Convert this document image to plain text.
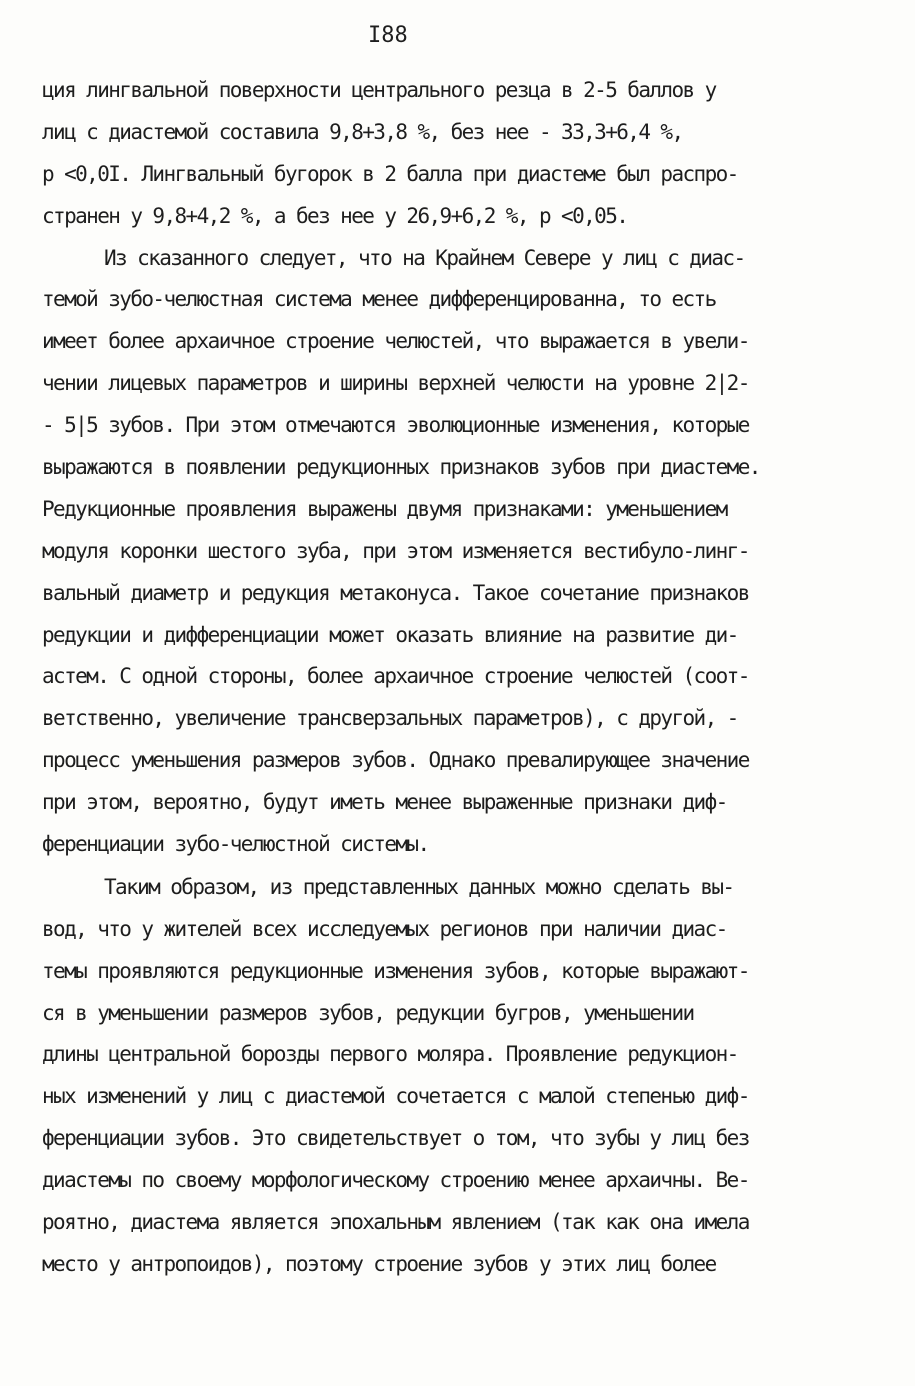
I88
ция лингвальной поверхности центрального резца в 2-5 баллов у
лиц с диастемой составила 9,8+3,8 %, без нее - 33,3+6,4 %,
р <0,0I. Лингвальный бугорок в 2 балла при диастеме был распро-
странен у 9,8+4,2 %, а без нее у 26,9+6,2 %, р <0,05.
Из сказанного следует, что на Крайнем Севере у лиц с диас-
темой зубо-челюстная система менее дифференцированна, то есть
имеет более архаичное строение челюстей, что выражается в увели-
чении лицевых параметров и ширины верхней челюсти на уровне 2|2-
- 5|5 зубов. При этом отмечаются эволюционные изменения, которые
выражаются в появлении редукционных признаков зубов при диастеме.
Редукционные проявления выражены двумя признаками: уменьшением
модуля коронки шестого зуба, при этом изменяется вестибуло-линг-
вальный диаметр и редукция метаконуса. Такое сочетание признаков
редукции и дифференциации может оказать влияние на развитие ди-
астем. С одной стороны, более архаичное строение челюстей (соот-
ветственно, увеличение трансверзальных параметров), с другой, -
процесс уменьшения размеров зубов. Однако превалирующее значение
при этом, вероятно, будут иметь менее выраженные признаки диф-
ференциации зубо-челюстной системы.
Таким образом, из представленных данных можно сделать вы-
вод, что у жителей всех исследуемых регионов при наличии диас-
темы проявляются редукционные изменения зубов, которые выражают-
ся в уменьшении размеров зубов, редукции бугров, уменьшении
длины центральной борозды первого моляра. Проявление редукцион-
ных изменений у лиц с диастемой сочетается с малой степенью диф-
ференциации зубов. Это свидетельствует о том, что зубы у лиц без
диастемы по своему морфологическому строению менее архаичны. Ве-
роятно, диастема является эпохальным явлением (так как она имела
место у антропоидов), поэтому строение зубов у этих лиц более
